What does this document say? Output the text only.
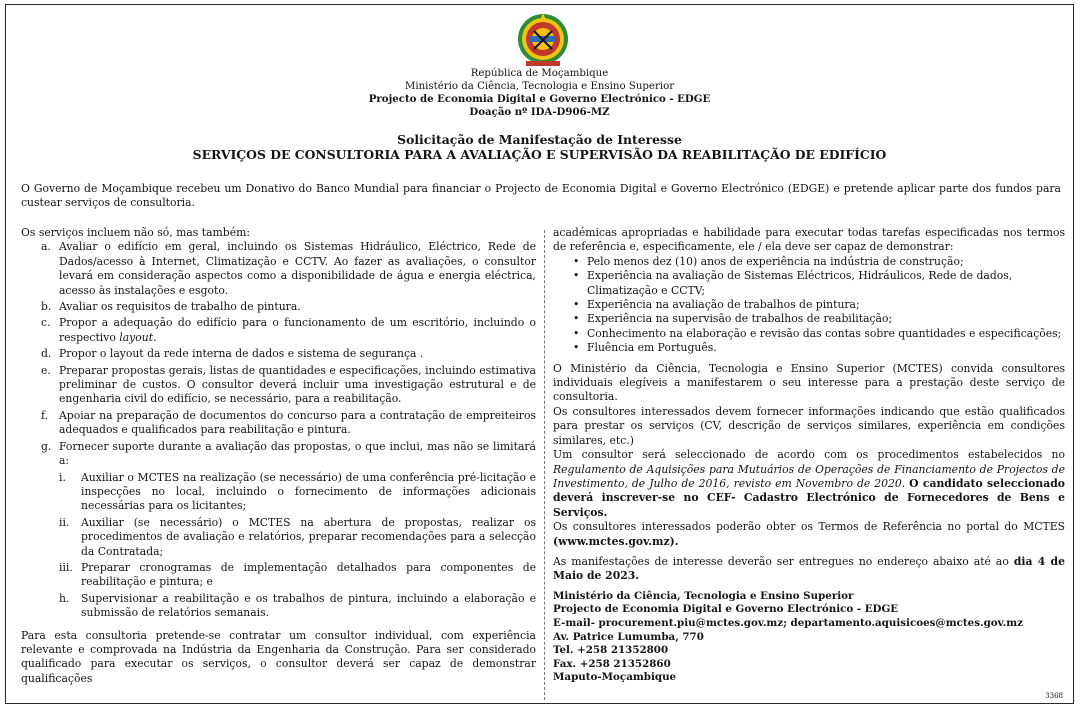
República de Moçambique
Ministério da Ciência, Tecnologia e Ensino Superior
Projecto de Economia Digital e Governo Electrónico - EDGE
Doação nº IDA-D906-MZ
Solicitação de Manifestação de Interesse
SERVIÇOS DE CONSULTORIA PARA A AVALIAÇÃO E SUPERVISÃO DA REABILITAÇÃO DE EDIFÍCIO

O Governo de Moçambique recebeu um Donativo do Banco Mundial para financiar o Projecto de Economia Digital e Governo Electrónico (EDGE) e pretende aplicar parte dos fundos para custear serviços de consultoria.

Os serviços incluem não só, mas também:

a. Avaliar o edifício em geral, incluindo os Sistemas Hidráulico, Eléctrico, Rede de Dados/acesso à Internet, Climatização e CCTV. Ao fazer as avaliações, o consultor levará em consideração aspectos como a disponibilidade de água e energia eléctrica, acesso às instalações e esgoto.
b. Avaliar os requisitos de trabalho de pintura.
c. Propor a adequação do edifício para o funcionamento de um escritório, incluindo o respectivo layout.
d. Propor o layout da rede interna de dados e sistema de segurança .
e. Preparar propostas gerais, listas de quantidades e especificações, incluindo estimativa preliminar de custos. O consultor deverá incluir uma investigação estrutural e de engenharia civil do edifício, se necessário, para a reabilitação.
f. Apoiar na preparação de documentos do concurso para a contratação de empreiteiros adequados e qualificados para reabilitação e pintura.
g. Fornecer suporte durante a avaliação das propostas, o que inclui, mas não se limitará a:
i. Auxiliar o MCTES na realização (se necessário) de uma conferência pré-licitação e inspecções no local, incluindo o fornecimento de informações adicionais necessárias para os licitantes;
ii. Auxiliar (se necessário) o MCTES na abertura de propostas, realizar os procedimentos de avaliação e relatórios, preparar recomendações para a selecção da Contratada;
iii. Preparar cronogramas de implementação detalhados para componentes de reabilitação e pintura; e
h. Supervisionar a reabilitação e os trabalhos de pintura, incluindo a elaboração e submissão de relatórios semanais.

Para esta consultoria pretende-se contratar um consultor individual, com experiência relevante e comprovada na Indústria da Engenharia da Construção. Para ser considerado qualificado para executar os serviços, o consultor deverá ser capaz de demonstrar qualificações

académicas apropriadas e habilidade para executar todas tarefas especificadas nos termos de referência e, especificamente, ele / ela deve ser capaz de demonstrar:

• Pelo menos dez (10) anos de experiência na indústria de construção;
• Experiência na avaliação de Sistemas Eléctricos, Hidráulicos, Rede de dados, Climatização e CCTV;
• Experiência na avaliação de trabalhos de pintura;
• Experiência na supervisão de trabalhos de reabilitação;
• Conhecimento na elaboração e revisão das contas sobre quantidades e especificações;
• Fluência em Português.

O Ministério da Ciência, Tecnologia e Ensino Superior (MCTES) convida consultores individuais elegíveis a manifestarem o seu interesse para a prestação deste serviço de consultoria.

Os consultores interessados devem fornecer informações indicando que estão qualificados para prestar os serviços (CV, descrição de serviços similares, experiência em condições similares, etc.)

Um consultor será seleccionado de acordo com os procedimentos estabelecidos no Regulamento de Aquisições para Mutuários de Operações de Financiamento de Projectos de Investimento, de Julho de 2016, revisto em Novembro de 2020. O candidato seleccionado deverá inscrever-se no CEF- Cadastro Electrónico de Fornecedores de Bens e Serviços.

Os consultores interessados poderão obter os Termos de Referência no portal do MCTES (www.mctes.gov.mz).

As manifestações de interesse deverão ser entregues no endereço abaixo até ao dia 4 de Maio de 2023.

Ministério da Ciência, Tecnologia e Ensino Superior
Projecto de Economia Digital e Governo Electrónico - EDGE
E-mail- procurement.piu@mctes.gov.mz; departamento.aquisicoes@mctes.gov.mz
Av. Patrice Lumumba, 770
Tel. +258 21352800
Fax. +258 21352860
Maputo-Moçambique
3368
